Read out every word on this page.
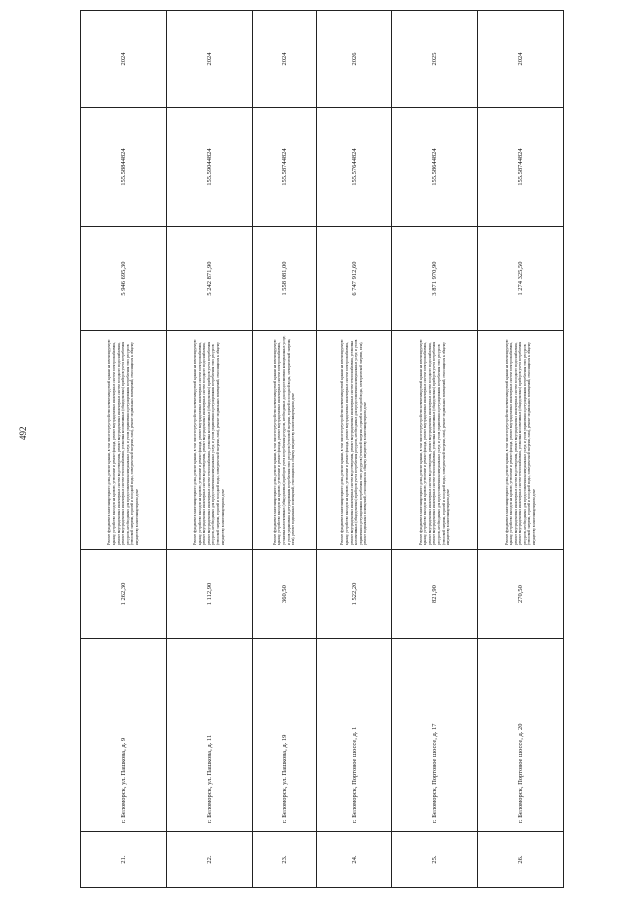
492
21.	г. Беломорск, ул. Пашкова, д. 9	1 262,30	Ремонт фундамента многоквартирного дома, ремонт крыши, в том числе переустройство невентилируемой крыши на вентилируемую крышу, устройство выходов на кровлю, утепление и ремонт фасада, ремонт внутридомовых инженерных систем электроснабжения, ремонт внутридомовых инженерных систем водоотведения, ремонт внутридомовых инженерных систем холодного водоснабжения, ремонт внутридомовых инженерных систем теплоснабжения, установка коллективных (общедомовых) приборов учета потребления ресурсов, необходимых для предоставления коммунальных услуг, и узлов управления и регулирования потребления этих ресурсов (тепловой энергии, горячей и холодной воды, электрической энергии, газа), ремонт подвальных помещений, относящихся к общему имуществу в многоквартирном доме	5 946 695,30	155.58844824	2024
22.	г. Беломорск, ул. Пашкова, д. 11	1 112,90	Ремонт фундамента многоквартирного дома, ремонт крыши, в том числе переустройство невентилируемой крыши на вентилируемую крышу, устройство выходов на кровлю, утепление и ремонт фасада, ремонт внутридомовых инженерных систем электроснабжения, ремонт внутридомовых инженерных систем водоотведения, ремонт внутридомовых инженерных систем холодного водоснабжения, ремонт внутридомовых инженерных систем теплоснабжения, установка коллективных (общедомовых) приборов учета потребления ресурсов, необходимых для предоставления коммунальных услуг, и узлов управления и регулирования потребления этих ресурсов (тепловой энергии, горячей и холодной воды, электрической энергии, газа), ремонт подвальных помещений, относящихся к общему имуществу в многоквартирном доме	5 242 871,90	155.59044824	2024
23.	г. Беломорск, ул. Пашкова, д. 19	360,50	Ремонт фундамента многоквартирного дома, ремонт крыши, в том числе переустройство невентилируемой крыши на вентилируемую крышу, устройство выходов на кровлю, утепление и ремонт фасада, ремонт внутридомовых инженерных систем электроснабжения, установка коллективных (общедомовых) приборов учета потребления ресурсов, необходимых для предоставления коммунальных услуг, и узлов управления и регулирования потребления этих ресурсов (тепловой энергии, горячей и холодной воды, электрической энергии, газа), ремонт подвальных помещений, относящихся к общему имуществу в многоквартирном доме	1 558 081,00	155.58744824	2024
24.	г. Беломорск, Портовое шоссе, д. 1	1 522,20	Ремонт фундамента многоквартирного дома, ремонт крыши, в том числе переустройство невентилируемой крыши на вентилируемую крышу, устройство выходов на кровлю, утепление и ремонт фасада, ремонт внутридомовых инженерных систем электроснабжения, ремонт внутридомовых инженерных систем водоотведения, ремонт внутридомовых инженерных систем теплоснабжения, установка коллективных (общедомовых) приборов учета потребления ресурсов, необходимых для предоставления коммунальных услуг, и узлов управления и регулирования потребления этих ресурсов (тепловой энергии, горячей и холодной воды, электрической энергии, газа), ремонт подвальных помещений, относящихся к общему имуществу в многоквартирном доме	6 747 912,60	155.57644824	2026
25.	г. Беломорск, Портовое шоссе, д. 17	821,90	Ремонт фундамента многоквартирного дома, ремонт крыши, в том числе переустройство невентилируемой крыши на вентилируемую крышу, устройство выходов на кровлю, утепление и ремонт фасада, ремонт внутридомовых инженерных систем электроснабжения, ремонт внутридомовых инженерных систем водоотведения, ремонт внутридомовых инженерных систем холодного водоснабжения, ремонт внутридомовых инженерных систем теплоснабжения, установка коллективных (общедомовых) приборов учета потребления ресурсов, необходимых для предоставления коммунальных услуг, и узлов управления и регулирования потребления этих ресурсов (тепловой энергии, горячей и холодной воды, электрической энергии, газа), ремонт подвальных помещений, относящихся к общему имуществу в многоквартирном доме	3 871 970,90	155.58644824	2025
26.	г. Беломорск, Портовое шоссе, д. 20	270,50	Ремонт фундамента многоквартирного дома, ремонт крыши, в том числе переустройство невентилируемой крыши на вентилируемую крышу, устройство выходов на кровлю, утепление и ремонт фасада, ремонт внутридомовых инженерных систем электроснабжения, ремонт внутридомовых инженерных систем водоотведения, ремонт внутридомовых инженерных систем холодного водоснабжения, ремонт внутридомовых инженерных систем теплоснабжения, установка коллективных (общедомовых) приборов учета потребления ресурсов, необходимых для предоставления коммунальных услуг, и узлов управления и регулирования потребления этих ресурсов (тепловой энергии, горячей и холодной воды, электрической энергии, газа), ремонт подвальных помещений, относящихся к общему имуществу в многоквартирном доме	1 274 325,50	155.58744824	2024
